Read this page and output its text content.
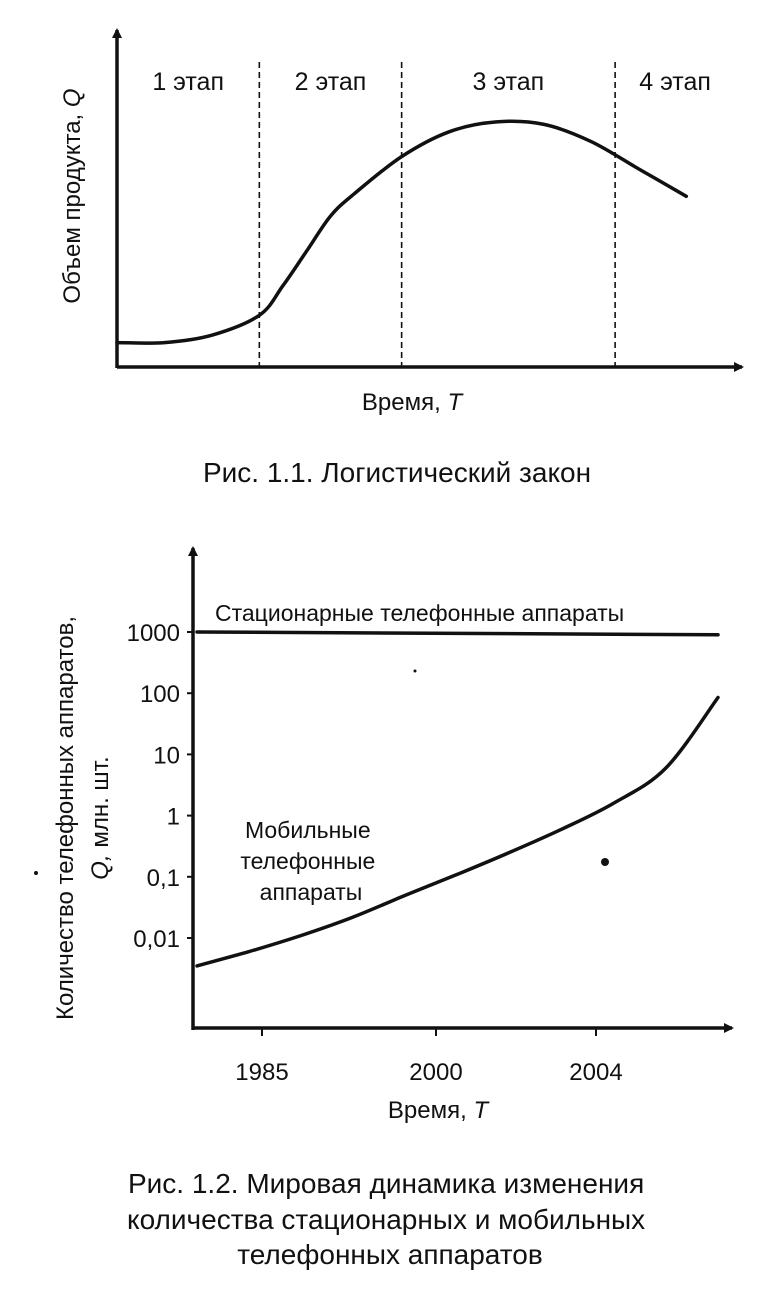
1 этап	2 этап	3 этап	4 этап
Объем продукта, Q
Время, T
Рис. 1.1. Логистический закон
0,01
0,1
1
10
100
1000
1985	2000	2004
Стационарные телефонные аппараты
Мобильные телефонные аппараты
Количество телефонных аппаратов, Q, млн. шт.
Время, T
Рис. 1.2. Мировая динамика изменения количества стационарных и мобильных телефонных аппаратов
